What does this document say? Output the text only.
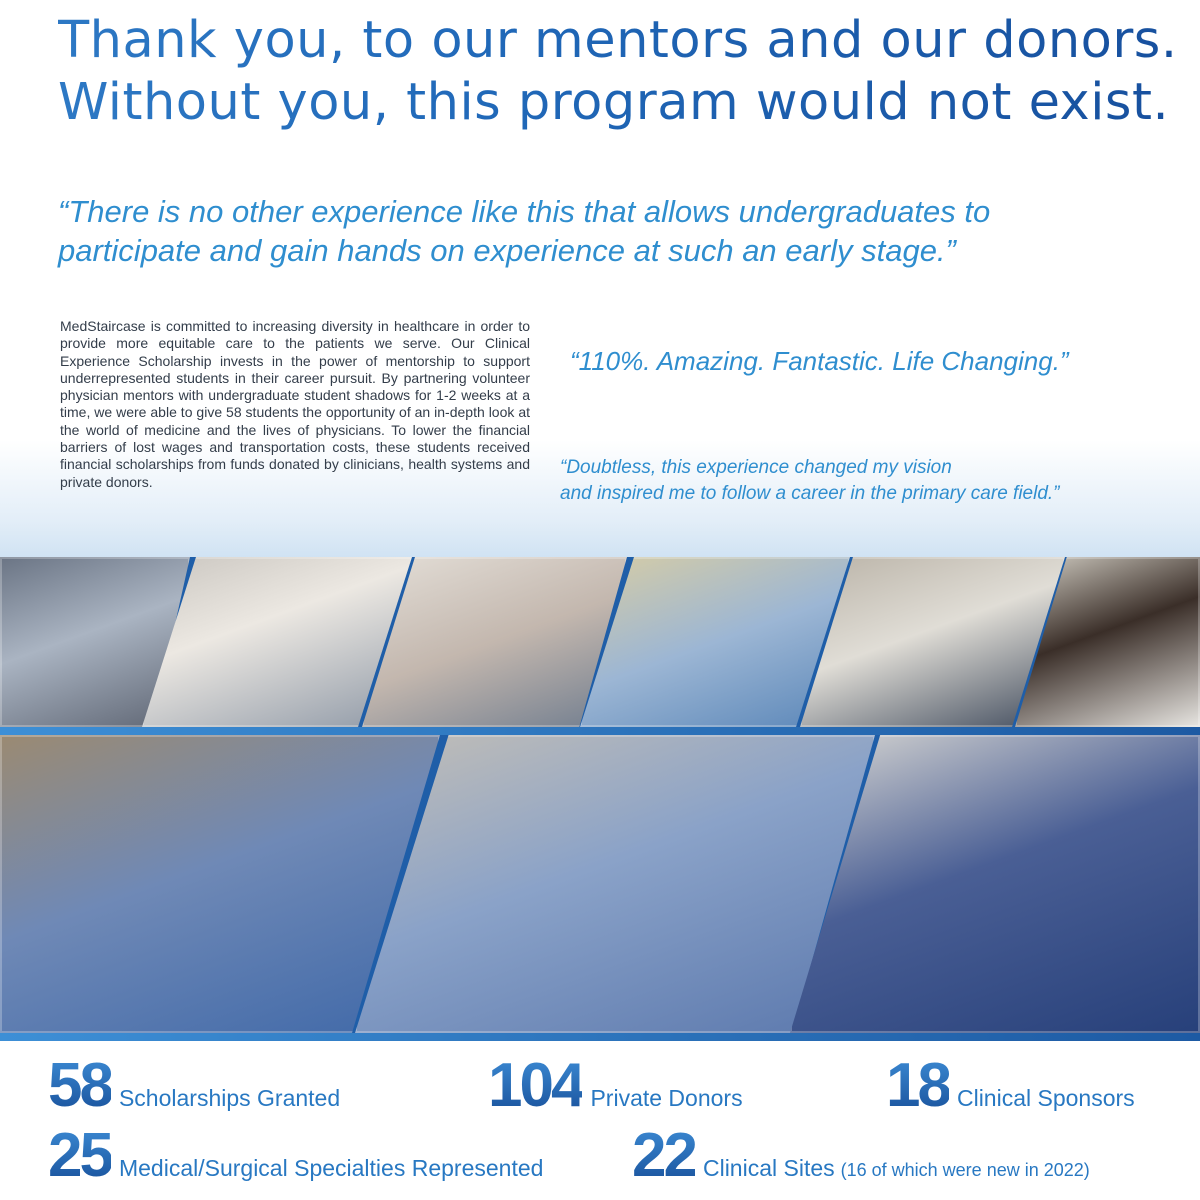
Thank you, to our mentors and our donors.
Without you, this program would not exist.
“There is no other experience like this that allows undergraduates to
participate and gain hands on experience at such an early stage.”

MedStaircase is committed to increasing diversity in healthcare in order to provide more equitable care to the patients we serve. Our Clinical Experience Scholarship invests in the power of mentorship to support underrepresented students in their career pursuit. By partnering volunteer physician mentors with undergraduate student shadows for 1-2 weeks at a time, we were able to give 58 students the opportunity of an in-depth look at the world of medicine and the lives of physicians. To lower the financial barriers of lost wages and transportation costs, these students received financial scholarships from funds donated by clinicians, health systems and private donors.

“110%. Amazing. Fantastic. Life Changing.”
“Doubtless, this experience changed my vision
and inspired me to follow a career in the primary care field.”
58 Scholarships Granted 104 Private Donors 18 Clinical Sponsors
25 Medical/Surgical Specialties Represented 22 Clinical Sites (16 of which were new in 2022)
